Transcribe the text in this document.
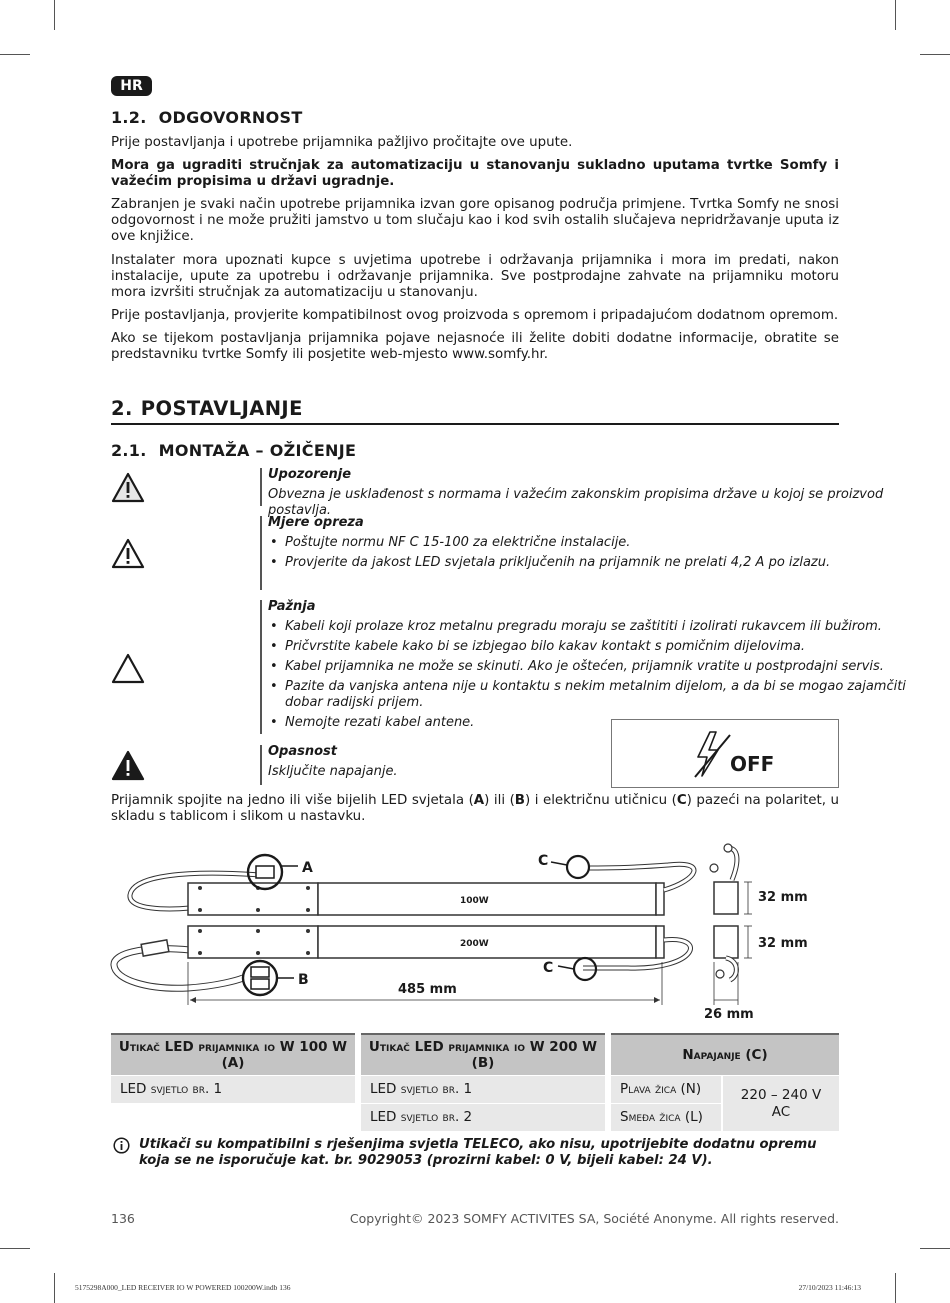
HR
1.2. ODGOVORNOST
Prije postavljanja i upotrebe prijamnika pažljivo pročitajte ove upute.
Mora ga ugraditi stručnjak za automatizaciju u stanovanju sukladno uputama tvrtke Somfy i važećim propisima u državi ugradnje.
Zabranjen je svaki način upotrebe prijamnika izvan gore opisanog područja primjene. Tvrtka Somfy ne snosi odgovornost i ne može pružiti jamstvo u tom slučaju kao i kod svih ostalih slučajeva nepridržavanje uputa iz ove knjižice.
Instalater mora upoznati kupce s uvjetima upotrebe i održavanja prijamnika i mora im predati, nakon instalacije, upute za upotrebu i održavanje prijamnika. Sve postprodajne zahvate na prijamniku motoru mora izvršiti stručnjak za automatizaciju u stanovanju.
Prije postavljanja, provjerite kompatibilnost ovog proizvoda s opremom i pripadajućom dodatnom opremom.
Ako se tijekom postavljanja prijamnika pojave nejasnoće ili želite dobiti dodatne informacije, obratite se predstavniku tvrtke Somfy ili posjetite web-mjesto www.somfy.hr.
2. POSTAVLJANJE
2.1. MONTAŽA – OŽIČENJE
Upozorenje
Obvezna je usklađenost s normama i važećim zakonskim propisima države u kojoj se proizvod postavlja.
Mjere opreza
• Poštujte normu NF C 15-100 za električne instalacije.
• Provjerite da jakost LED svjetala priključenih na prijamnik ne prelati 4,2 A po izlazu.
Pažnja
• Kabeli koji prolaze kroz metalnu pregradu moraju se zaštititi i izolirati rukavcem ili bužirom.
• Pričvrstite kabele kako bi se izbjegao bilo kakav kontakt s pomičnim dijelovima.
• Kabel prijamnika ne može se skinuti. Ako je oštećen, prijamnik vratite u postprodajni servis.
• Pazite da vanjska antena nije u kontaktu s nekim metalnim dijelom, a da bi se mogao zajamčiti dobar radijski prijem.
• Nemojte rezati kabel antene.
Opasnost
Isključite napajanje.	OFF
Prijamnik spojite na jedno ili više bijelih LED svjetala (A) ili (B) i električnu utičnicu (C) pazeći na polaritet, u skladu s tablicom i slikom u nastavku.
100W
200W
A
B
C
C
485 mm
32 mm
32 mm
26 mm
Utikač LED prijamnika io W 100 W (A)		Utikač LED prijamnika io W 200 W (B)		Napajanje (C)	
LED svjetlo br. 1		LED svjetlo br. 1		Plava žica (N)	220 – 240 V AC
		LED svjetlo br. 2		Smeđa žica (L)	
Utikači su kompatibilni s rješenjima svjetla TELECO, ako nisu, upotrijebite dodatnu opremu koja se ne isporučuje kat. br. 9029053 (prozirni kabel: 0 V, bijeli kabel: 24 V).
136	Copyright© 2023 SOMFY ACTIVITES SA, Société Anonyme. All rights reserved.
5175298A000_LED RECEIVER IO W POWERED 100200W.indb 136	27/10/2023 11:46:13
